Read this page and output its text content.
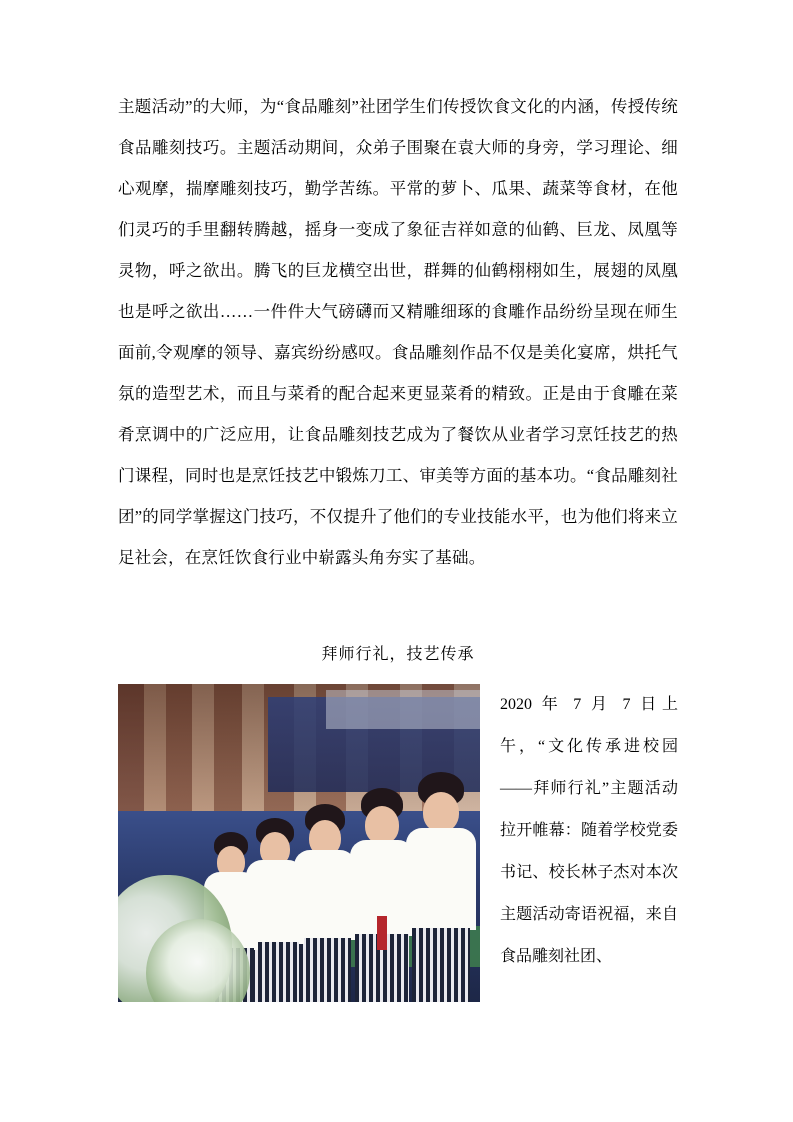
主题活动”的大师，为“食品雕刻”社团学生们传授饮食文化的内涵，传授传统食品雕刻技巧。主题活动期间，众弟子围聚在袁大师的身旁，学习理论、细心观摩，揣摩雕刻技巧，勤学苦练。平常的萝卜、瓜果、蔬菜等食材，在他们灵巧的手里翻转腾越，摇身一变成了象征吉祥如意的仙鹤、巨龙、凤凰等灵物，呼之欲出。腾飞的巨龙横空出世，群舞的仙鹤栩栩如生，展翅的凤凰也是呼之欲出……一件件大气磅礴而又精雕细琢的食雕作品纷纷呈现在师生面前,令观摩的领导、嘉宾纷纷感叹。食品雕刻作品不仅是美化宴席，烘托气氛的造型艺术，而且与菜肴的配合起来更显菜肴的精致。正是由于食雕在菜肴烹调中的广泛应用，让食品雕刻技艺成为了餐饮从业者学习烹饪技艺的热门课程，同时也是烹饪技艺中锻炼刀工、审美等方面的基本功。“食品雕刻社团”的同学掌握这门技巧，不仅提升了他们的专业技能水平，也为他们将来立足社会，在烹饪饮食行业中崭露头角夯实了基础。

拜师行礼，技艺传承
2020 年 7 月 7 日上午，“文化传承进校园——拜师行礼”主题活动拉开帷幕：随着学校党委书记、校长林子杰对本次主题活动寄语祝福，来自食品雕刻社团、
